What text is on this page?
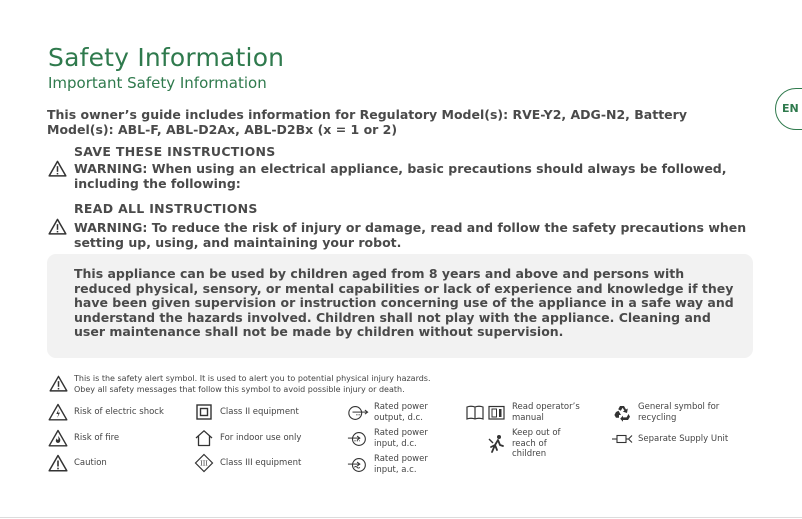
Safety Information
Important Safety Information
EN

This owner’s guide includes information for Regulatory Model(s): RVE-Y2, ADG-N2, Battery Model(s): ABL-F, ABL-D2Ax, ABL-D2Bx (x = 1 or 2)

SAVE THESE INSTRUCTIONS

WARNING: When using an electrical appliance, basic precautions should always be followed, including the following:

READ ALL INSTRUCTIONS

WARNING: To reduce the risk of injury or damage, read and follow the safety precautions when setting up, using, and maintaining your robot.

This appliance can be used by children aged from 8 years and above and persons with reduced physical, sensory, or mental capabilities or lack of experience and knowledge if they have been given supervision or instruction concerning use of the appliance in a safe way and understand the hazards involved. Children shall not play with the appliance. Cleaning and user maintenance shall not be made by children without supervision.

This is the safety alert symbol. It is used to alert you to potential physical injury hazards.
Obey all safety messages that follow this symbol to avoid possible injury or death.
Risk of electric shock
Risk of fire
Caution
Class II equipment
For indoor use only
III Class III equipment
Rated power output, d.c.
Rated power input, d.c.
Rated power input, a.c.
Read operator’s manual
Keep out of reach of children
General symbol for recycling
Separate Supply Unit
